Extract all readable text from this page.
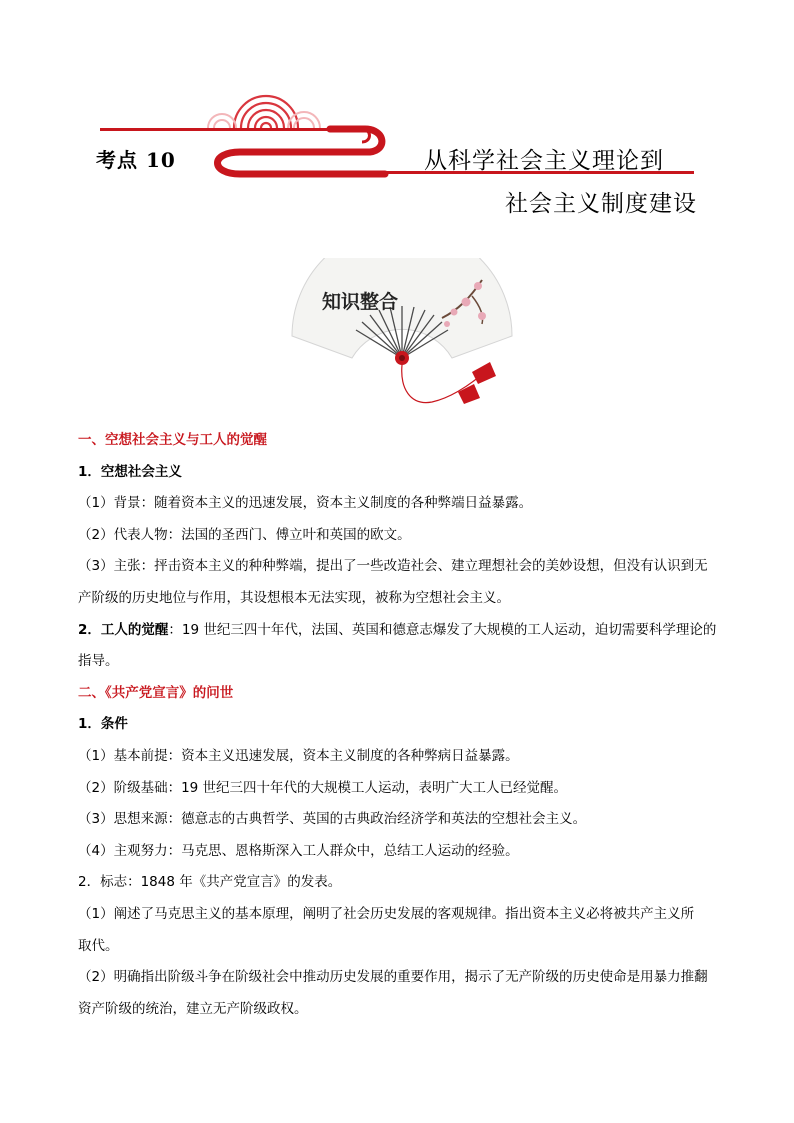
考点 10	从科学社会主义理论到
社会主义制度建设
知识整合

一、空想社会主义与工人的觉醒

1．空想社会主义

（1）背景：随着资本主义的迅速发展，资本主义制度的各种弊端日益暴露。

（2）代表人物：法国的圣西门、傅立叶和英国的欧文。

（3）主张：抨击资本主义的种种弊端，提出了一些改造社会、建立理想社会的美妙设想，但没有认识到无

产阶级的历史地位与作用，其设想根本无法实现，被称为空想社会主义。

2．工人的觉醒：19 世纪三四十年代，法国、英国和德意志爆发了大规模的工人运动，迫切需要科学理论的

指导。

二、《共产党宣言》的问世

1．条件

（1）基本前提：资本主义迅速发展，资本主义制度的各种弊病日益暴露。

（2）阶级基础：19 世纪三四十年代的大规模工人运动，表明广大工人已经觉醒。

（3）思想来源：德意志的古典哲学、英国的古典政治经济学和英法的空想社会主义。

（4）主观努力：马克思、恩格斯深入工人群众中，总结工人运动的经验。

2．标志：1848 年《共产党宣言》的发表。

（1）阐述了马克思主义的基本原理，阐明了社会历史发展的客观规律。指出资本主义必将被共产主义所

取代。

（2）明确指出阶级斗争在阶级社会中推动历史发展的重要作用，揭示了无产阶级的历史使命是用暴力推翻

资产阶级的统治，建立无产阶级政权。
